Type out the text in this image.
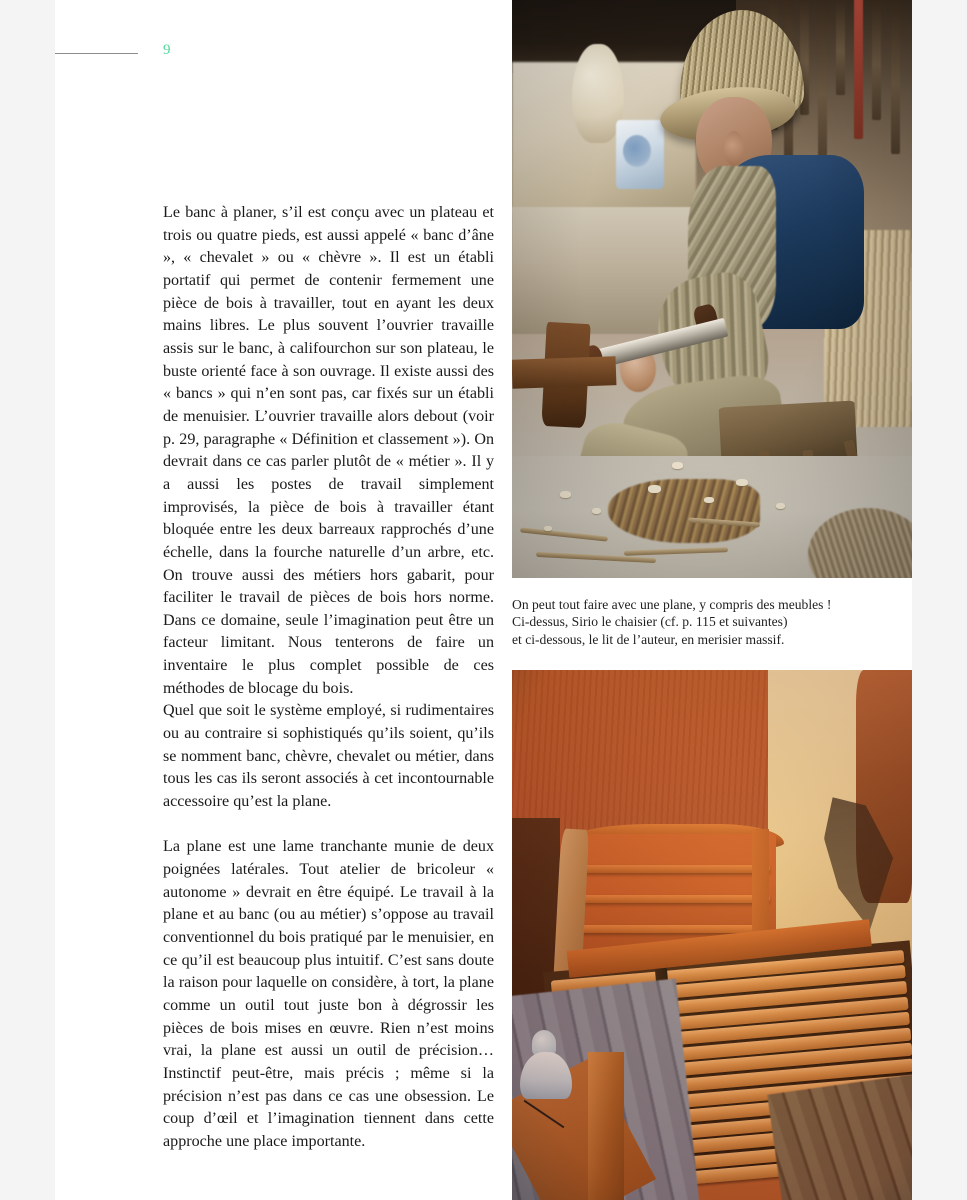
9

Le banc à planer, s’il est conçu avec un plateau et trois ou quatre pieds, est aussi appelé « banc d’âne », « chevalet » ou « chèvre ». Il est un établi portatif qui permet de contenir fermement une pièce de bois à travailler, tout en ayant les deux mains libres. Le plus souvent l’ouvrier travaille assis sur le banc, à califourchon sur son plateau, le buste orienté face à son ouvrage. Il existe aussi des « bancs » qui n’en sont pas, car fixés sur un établi de menuisier. L’ouvrier travaille alors debout (voir p. 29, paragraphe « Définition et classement »). On devrait dans ce cas parler plutôt de « métier ». Il y a aussi les postes de travail simplement improvisés, la pièce de bois à travailler étant bloquée entre les deux barreaux rapprochés d’une échelle, dans la fourche naturelle d’un arbre, etc. On trouve aussi des métiers hors gabarit, pour faciliter le travail de pièces de bois hors norme. Dans ce domaine, seule l’imagination peut être un facteur limitant. Nous tenterons de faire un inventaire le plus complet possible de ces méthodes de blocage du bois.

Quel que soit le système employé, si rudimentaires ou au contraire si sophistiqués qu’ils soient, qu’ils se nomment banc, chèvre, chevalet ou métier, dans tous les cas ils seront associés à cet incontournable accessoire qu’est la plane.

La plane est une lame tranchante munie de deux poignées latérales. Tout atelier de bricoleur « autonome » devrait en être équipé. Le travail à la plane et au banc (ou au métier) s’oppose au travail conventionnel du bois pratiqué par le menuisier, en ce qu’il est beaucoup plus intuitif. C’est sans doute la raison pour laquelle on considère, à tort, la plane comme un outil tout juste bon à dégrossir les pièces de bois mises en œuvre. Rien n’est moins vrai, la plane est aussi un outil de précision… Instinctif peut-être, mais précis ; même si la précision n’est pas dans ce cas une obsession. Le coup d’œil et l’imagination tiennent dans cette approche une place importante.

On peut tout faire avec une plane, y compris des meubles !
Ci-dessus, Sirio le chaisier (cf. p. 115 et suivantes)
et ci-dessous, le lit de l’auteur, en merisier massif.
